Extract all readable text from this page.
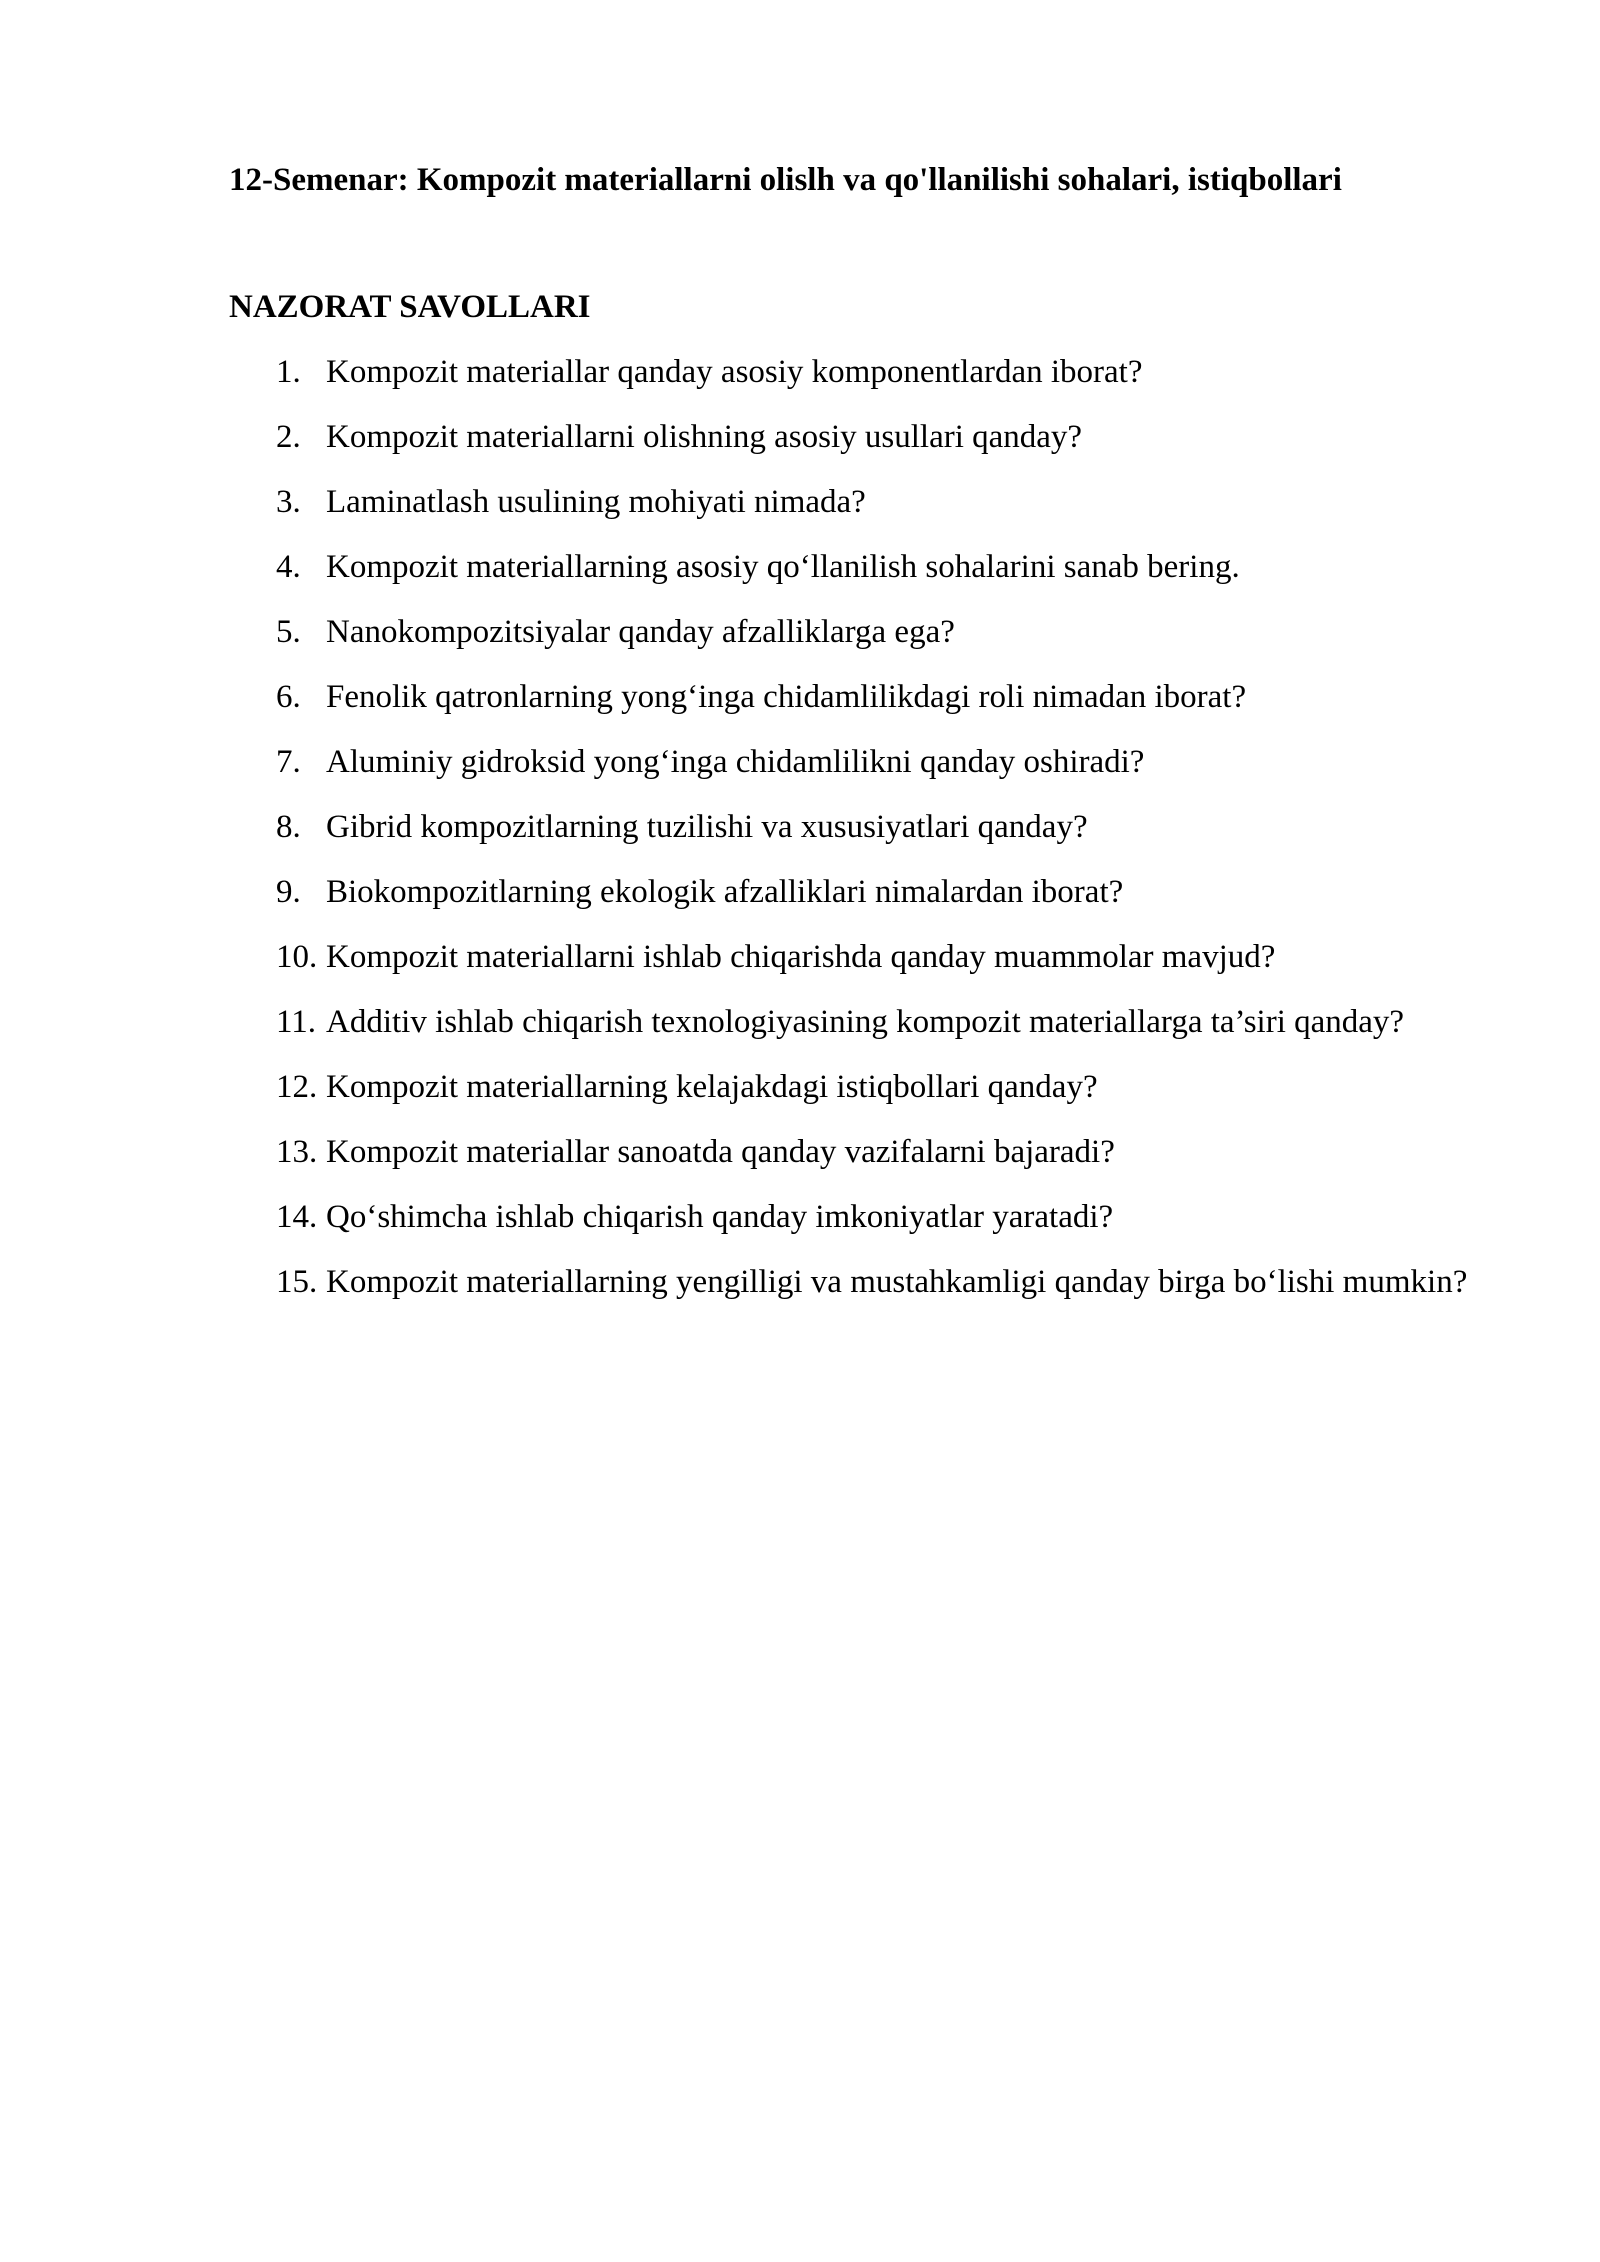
12-Semenar: Kompozit materiallarni olislh va qo'llanilishi sohalari, istiqbollari

NAZORAT SAVOLLARI

1. Kompozit materiallar qanday asosiy komponentlardan iborat?
2. Kompozit materiallarni olishning asosiy usullari qanday?
3. Laminatlash usulining mohiyati nimada?
4. Kompozit materiallarning asosiy qo‘llanilish sohalarini sanab bering.
5. Nanokompozitsiyalar qanday afzalliklarga ega?
6. Fenolik qatronlarning yong‘inga chidamlilikdagi roli nimadan iborat?
7. Aluminiy gidroksid yong‘inga chidamlilikni qanday oshiradi?
8. Gibrid kompozitlarning tuzilishi va xususiyatlari qanday?
9. Biokompozitlarning ekologik afzalliklari nimalardan iborat?
10. Kompozit materiallarni ishlab chiqarishda qanday muammolar mavjud?
11. Additiv ishlab chiqarish texnologiyasining kompozit materiallarga ta’siri qanday?
12. Kompozit materiallarning kelajakdagi istiqbollari qanday?
13. Kompozit materiallar sanoatda qanday vazifalarni bajaradi?
14. Qo‘shimcha ishlab chiqarish qanday imkoniyatlar yaratadi?
15. Kompozit materiallarning yengilligi va mustahkamligi qanday birga bo‘lishi mumkin?
